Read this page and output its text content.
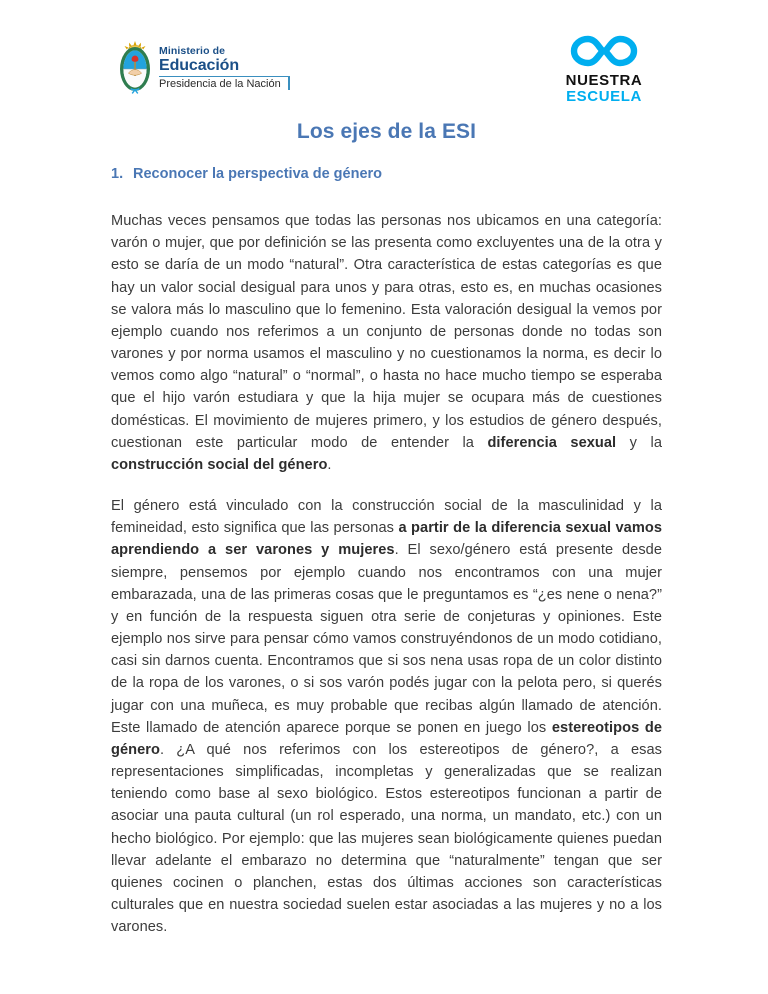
Ministerio de
Educación
Presidencia de la Nación	NUESTRA
ESCUELA
Los ejes de la ESI
1. Reconocer la perspectiva de género
Muchas veces pensamos que todas las personas nos ubicamos en una categoría: varón o mujer, que por definición se las presenta como excluyentes una de la otra y esto se daría de un modo “natural”. Otra característica de estas categorías es que hay un valor social desigual para unos y para otras, esto es, en muchas ocasiones se valora más lo masculino que lo femenino. Esta valoración desigual la vemos por ejemplo cuando nos referimos a un conjunto de personas donde no todas son varones y por norma usamos el masculino y no cuestionamos la norma, es decir lo vemos como algo “natural” o “normal”, o hasta no hace mucho tiempo se esperaba que el hijo varón estudiara y que la hija mujer se ocupara más de cuestiones domésticas. El movimiento de mujeres primero, y los estudios de género después, cuestionan este particular modo de entender la diferencia sexual y la construcción social del género.
El género está vinculado con la construcción social de la masculinidad y la femineidad, esto significa que las personas a partir de la diferencia sexual vamos aprendiendo a ser varones y mujeres. El sexo/género está presente desde siempre, pensemos por ejemplo cuando nos encontramos con una mujer embarazada, una de las primeras cosas que le preguntamos es “¿es nene o nena?” y en función de la respuesta siguen otra serie de conjeturas y opiniones. Este ejemplo nos sirve para pensar cómo vamos construyéndonos de un modo cotidiano, casi sin darnos cuenta. Encontramos que si sos nena usas ropa de un color distinto de la ropa de los varones, o si sos varón podés jugar con la pelota pero, si querés jugar con una muñeca, es muy probable que recibas algún llamado de atención. Este llamado de atención aparece porque se ponen en juego los estereotipos de género. ¿A qué nos referimos con los estereotipos de género?, a esas representaciones simplificadas, incompletas y generalizadas que se realizan teniendo como base al sexo biológico. Estos estereotipos funcionan a partir de asociar una pauta cultural (un rol esperado, una norma, un mandato, etc.) con un hecho biológico. Por ejemplo: que las mujeres sean biológicamente quienes puedan llevar adelante el embarazo no determina que “naturalmente” tengan que ser quienes cocinen o planchen, estas dos últimas acciones son características culturales que en nuestra sociedad suelen estar asociadas a las mujeres y no a los varones.
